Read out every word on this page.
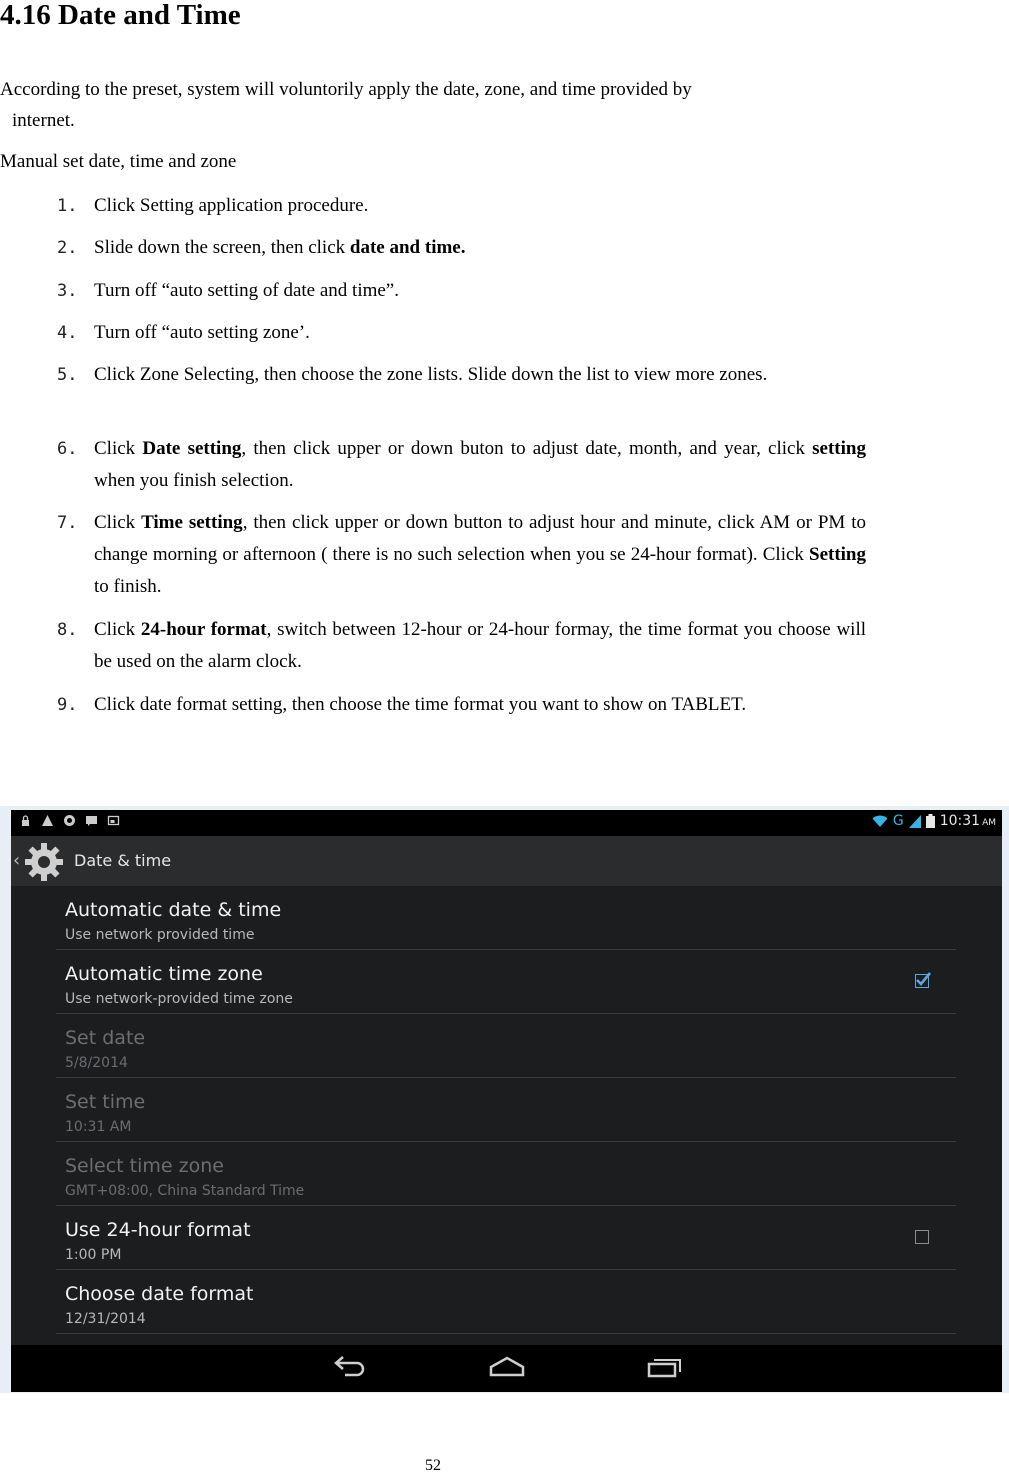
4.16 Date and Time
According to the preset, system will voluntorily apply the date, zone, and time provided by
internet.
Manual set date, time and zone
1. Click Setting application procedure.
2. Slide down the screen, then click date and time.
3. Turn off “auto setting of date and time”.
4. Turn off “auto setting zone’.
5. Click Zone Selecting, then choose the zone lists. Slide down the list to view more zones.
6. Click Date setting, then click upper or down buton to adjust date, month, and year, click setting when you finish selection.
7. Click Time setting, then click upper or down button to adjust hour and minute, click AM or PM to change morning or afternoon ( there is no such selection when you se 24-hour format). Click Setting to finish.
8. Click 24-hour format, switch between 12-hour or 24-hour formay, the time format you choose will be used on the alarm clock.
9. Click date format setting, then choose the time format you want to show on TABLET.
G	10:31 AM
‹	Date & time
Automatic date & time
Use network provided time
Automatic time zone
Use network-provided time zone
Set date
5/8/2014
Set time
10:31 AM
Select time zone
GMT+08:00, China Standard Time
Use 24-hour format
1:00 PM
Choose date format
12/31/2014
52
